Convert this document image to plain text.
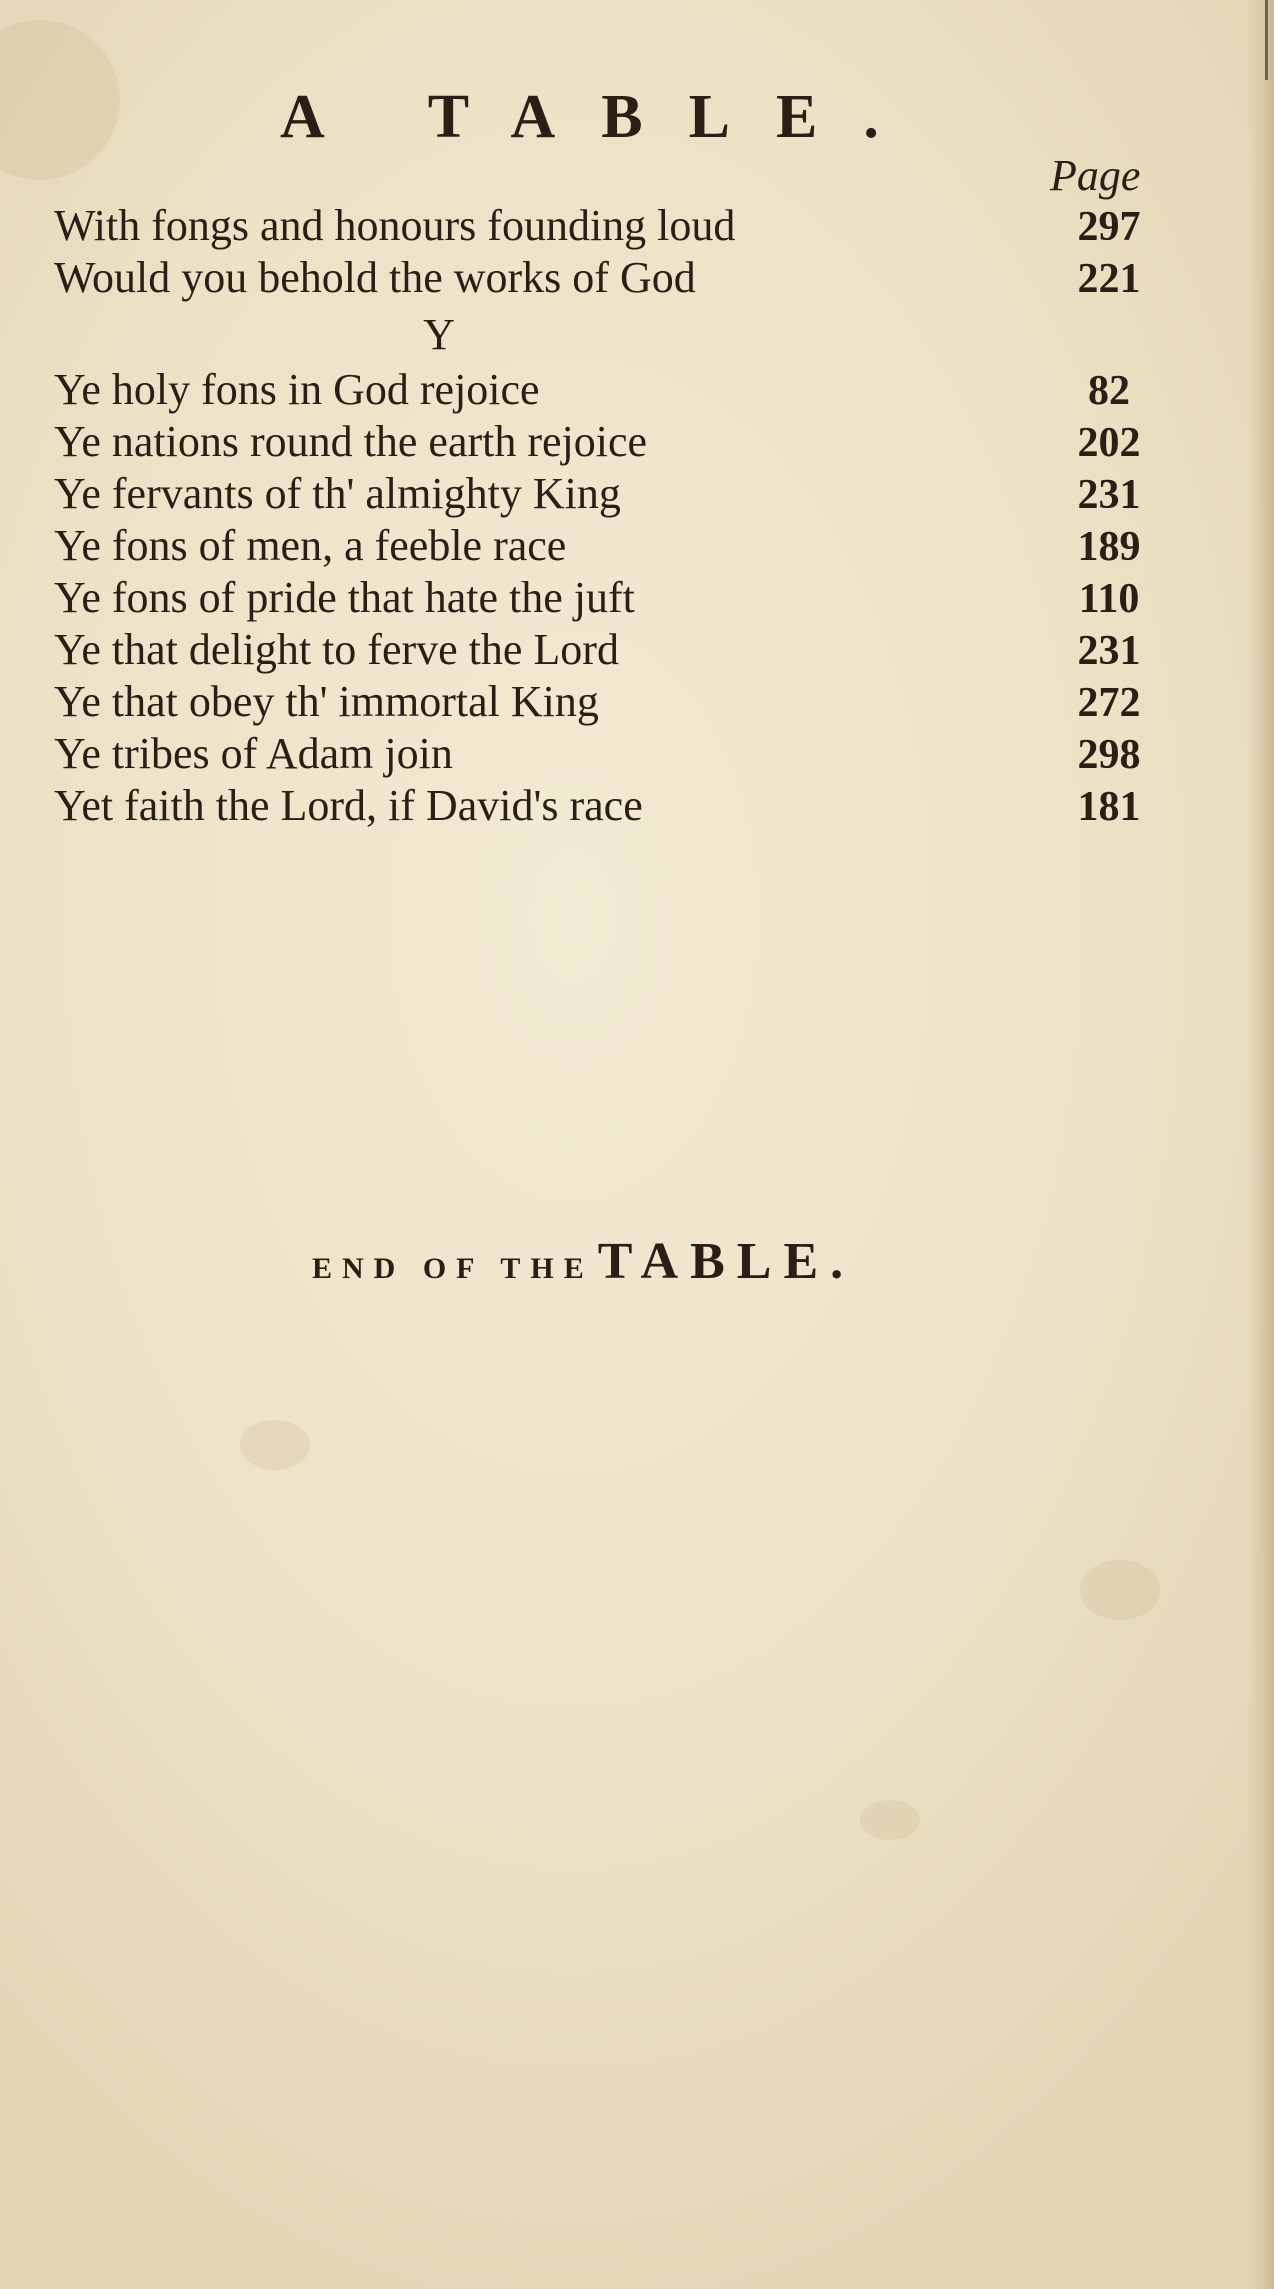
A TABLE.
Page
With fongs and honours founding loud	297
Would you behold the works of God	221
Y
Ye holy fons in God rejoice	82
Ye nations round the earth rejoice	202
Ye fervants of th' almighty King	231
Ye fons of men, a feeble race	189
Ye fons of pride that hate the juft	110
Ye that delight to ferve the Lord	231
Ye that obey th' immortal King	272
Ye tribes of Adam join	298
Yet faith the Lord, if David's race	181
END OF THE TABLE.
